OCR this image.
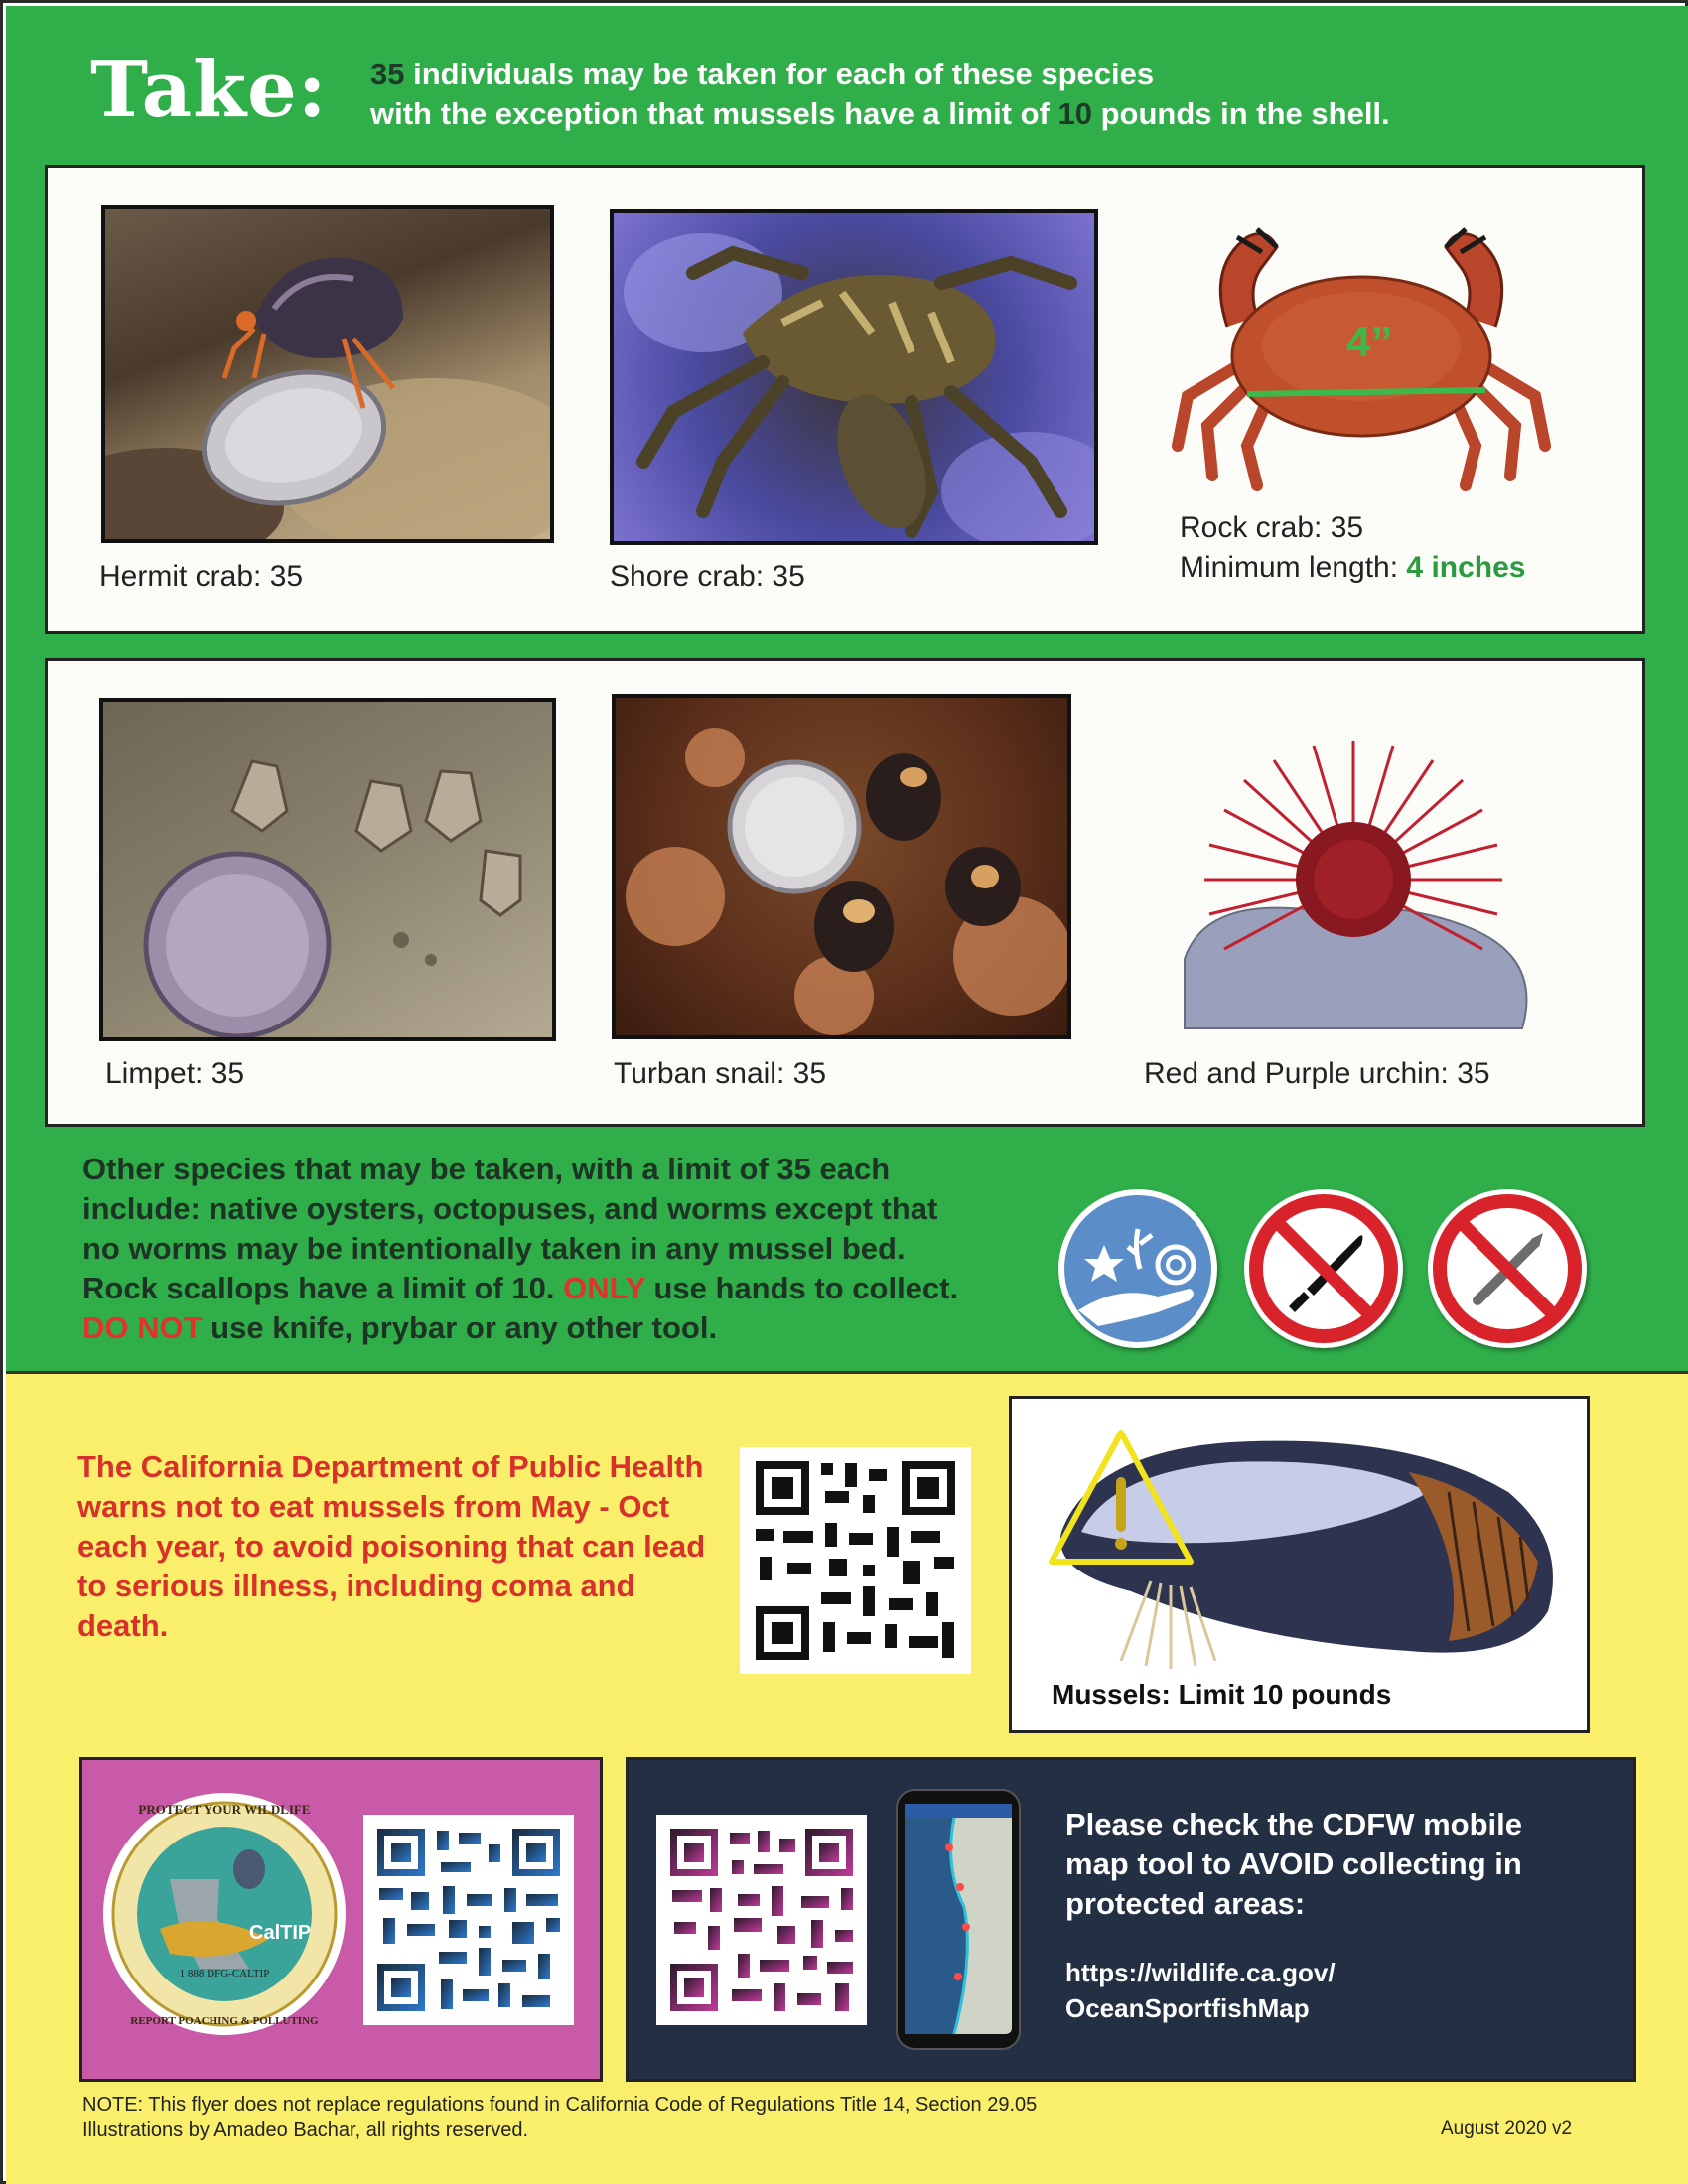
Take: 35 individuals may be taken for each of these species
with the exception that mussels have a limit of 10 pounds in the shell.
Hermit crab: 35	Shore crab: 35
4”
Rock crab: 35
Minimum length: 4 inches
Limpet: 35	Turban snail: 35	Red and Purple urchin: 35
Other species that may be taken, with a limit of 35 each
include: native oysters, octopuses, and worms except that
no worms may be intentionally taken in any mussel bed.
Rock scallops have a limit of 10. ONLY use hands to collect.
DO NOT use knife, prybar or any other tool.
The California Department of Public Health warns not to eat mussels from May - Oct each year, to avoid poisoning that can lead to serious illness, including coma and death.
Mussels: Limit 10 pounds
CalTIP
PROTECT YOUR WILDLIFE
1 888 DFG-CALTIP
REPORT POACHING & POLLUTING
Please check the CDFW mobile map tool to AVOID collecting in protected areas:
https://wildlife.ca.gov/
OceanSportfishMap
NOTE: This flyer does not replace regulations found in California Code of Regulations Title 14, Section 29.05
Illustrations by Amadeo Bachar, all rights reserved.	August 2020 v2
